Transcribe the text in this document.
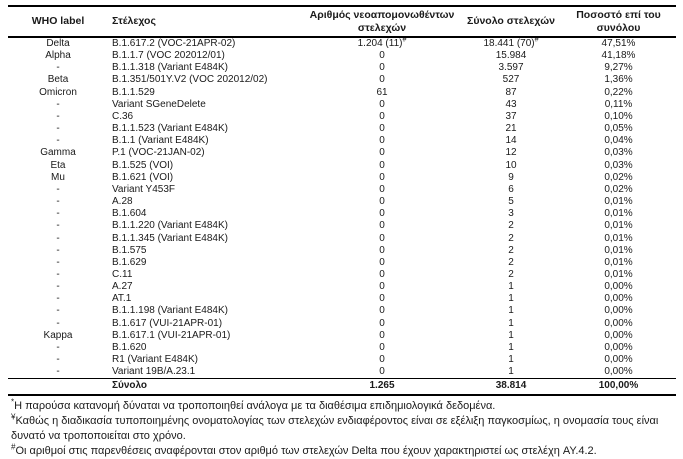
WHO label	Στέλεχος	Αριθμός νεοαπομονωθέντων στελεχών	Σύνολο στελεχών	Ποσοστό επί του συνόλου
Delta	B.1.617.2 (VOC-21APR-02)	1.204 (11)#	18.441 (70)#	47,51%
Alpha	B.1.1.7 (VOC 202012/01)	0	15.984	41,18%
-	B.1.1.318 (Variant E484K)	0	3.597	9,27%
Beta	B.1.351/501Y.V2 (VOC 202012/02)	0	527	1,36%
Omicron	B.1.1.529	61	87	0,22%
-	Variant SGeneDelete	0	43	0,11%
-	C.36	0	37	0,10%
-	B.1.1.523 (Variant E484K)	0	21	0,05%
-	B.1.1 (Variant E484K)	0	14	0,04%
Gamma	P.1 (VOC-21JAN-02)	0	12	0,03%
Eta	B.1.525 (VOI)	0	10	0,03%
Mu	B.1.621 (VOI)	0	9	0,02%
-	Variant Y453F	0	6	0,02%
-	A.28	0	5	0,01%
-	B.1.604	0	3	0,01%
-	B.1.1.220 (Variant E484K)	0	2	0,01%
-	B.1.1.345 (Variant E484K)	0	2	0,01%
-	B.1.575	0	2	0,01%
-	B.1.629	0	2	0,01%
-	C.11	0	2	0,01%
-	A.27	0	1	0,00%
-	AT.1	0	1	0,00%
-	B.1.1.198 (Variant E484K)	0	1	0,00%
-	B.1.617 (VUI-21APR-01)	0	1	0,00%
Kappa	B.1.617.1 (VUI-21APR-01)	0	1	0,00%
-	B.1.620	0	1	0,00%
-	R1 (Variant E484K)	0	1	0,00%
-	Variant 19B/A.23.1	0	1	0,00%
	Σύνολο	1.265	38.814	100,00%

*Η παρούσα κατανομή δύναται να τροποποιηθεί ανάλογα με τα διαθέσιμα επιδημιολογικά δεδομένα.

¥Καθώς η διαδικασία τυποποιημένης ονοματολογίας των στελεχών ενδιαφέροντος είναι σε εξέλιξη παγκοσμίως, η ονομασία τους είναι δυνατό να τροποποιείται στο χρόνο.

#Οι αριθμοί στις παρενθέσεις αναφέρονται στον αριθμό των στελεχών Delta που έχουν χαρακτηριστεί ως στελέχη AY.4.2.
